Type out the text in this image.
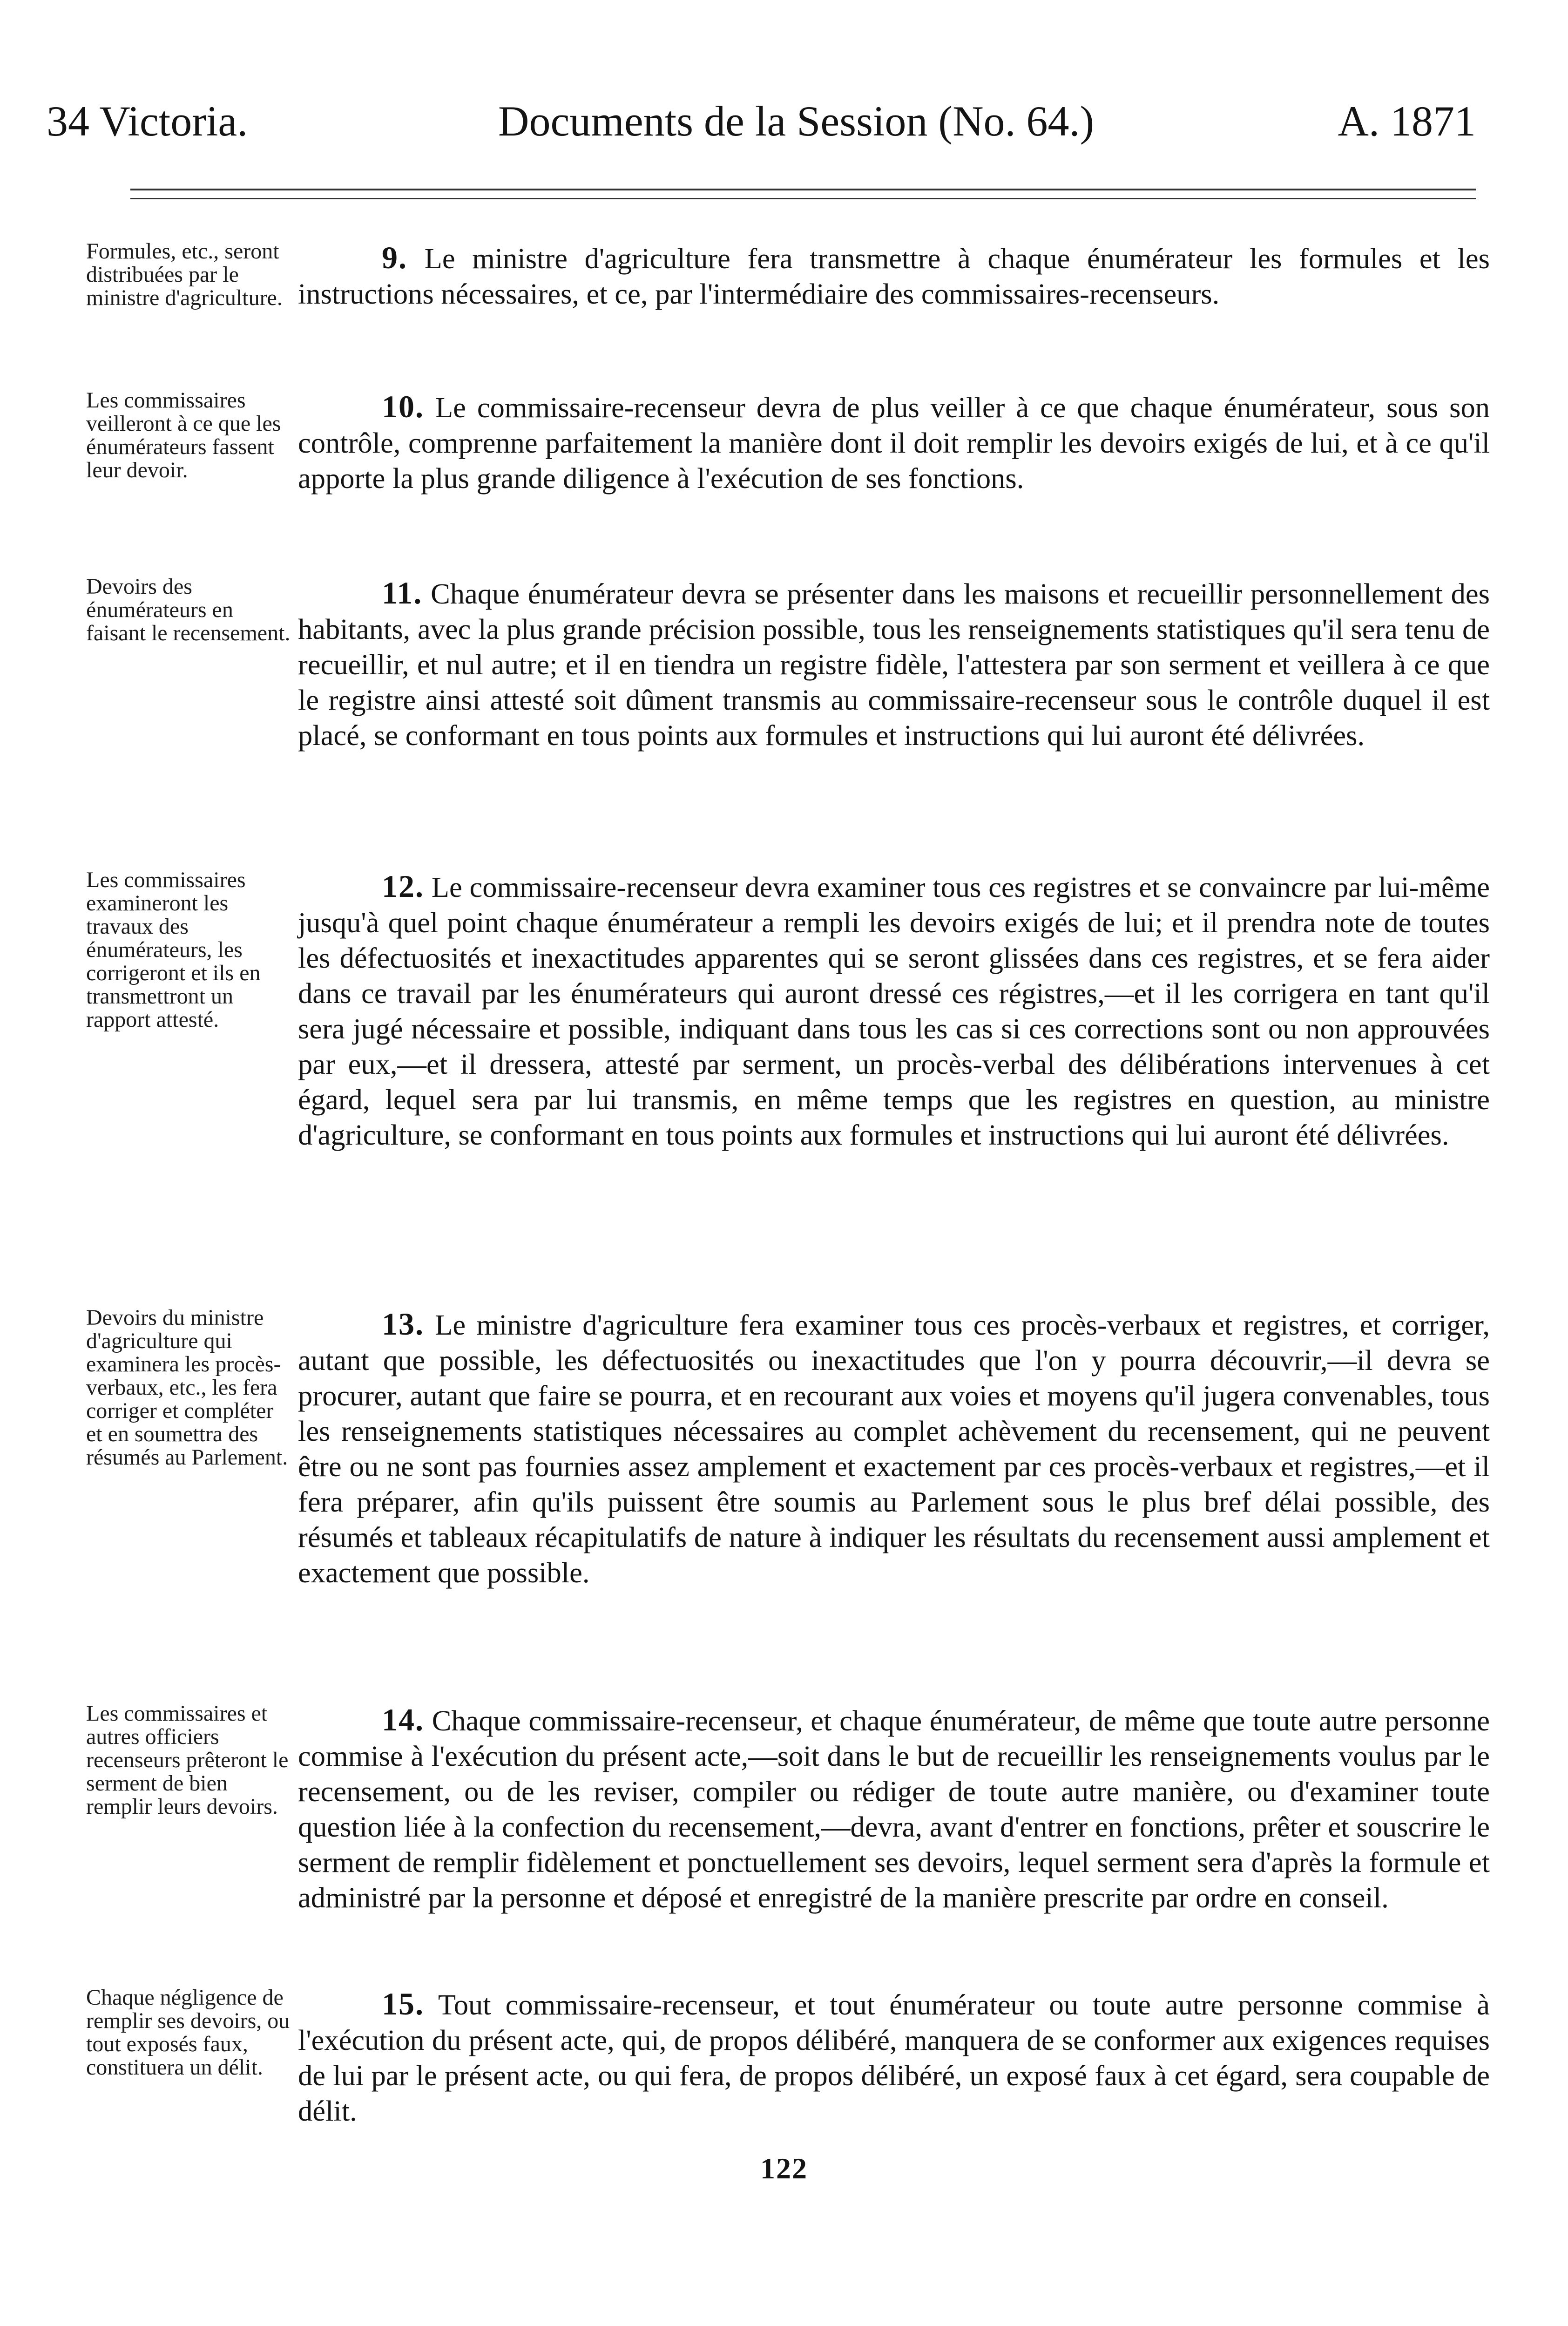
34 Victoria.	Documents de la Session (No. 64.)	A. 1871
Formules, etc., seront distribuées par le ministre d'agriculture.
9. Le ministre d'agriculture fera transmettre à chaque énumérateur les formules et les instructions nécessaires, et ce, par l'intermédiaire des commissaires-recenseurs.
Les commissaires veilleront à ce que les énumérateurs fassent leur devoir.
10. Le commissaire-recenseur devra de plus veiller à ce que chaque énumérateur, sous son contrôle, comprenne parfaitement la manière dont il doit remplir les devoirs exigés de lui, et à ce qu'il apporte la plus grande diligence à l'exécution de ses fonctions.
Devoirs des énumérateurs en faisant le recensement.
11. Chaque énumérateur devra se présenter dans les maisons et recueillir personnellement des habitants, avec la plus grande précision possible, tous les renseignements statistiques qu'il sera tenu de recueillir, et nul autre; et il en tiendra un registre fidèle, l'attestera par son serment et veillera à ce que le registre ainsi attesté soit dûment transmis au commissaire-recenseur sous le contrôle duquel il est placé, se conformant en tous points aux formules et instructions qui lui auront été délivrées.
Les commissaires examineront les travaux des énumérateurs, les corrigeront et ils en transmettront un rapport attesté.
12. Le commissaire-recenseur devra examiner tous ces registres et se convaincre par lui-même jusqu'à quel point chaque énumérateur a rempli les devoirs exigés de lui; et il prendra note de toutes les défectuosités et inexactitudes apparentes qui se seront glissées dans ces registres, et se fera aider dans ce travail par les énumérateurs qui auront dressé ces régistres,—et il les corrigera en tant qu'il sera jugé nécessaire et possible, indiquant dans tous les cas si ces corrections sont ou non approuvées par eux,—et il dressera, attesté par serment, un procès-verbal des délibérations intervenues à cet égard, lequel sera par lui transmis, en même temps que les registres en question, au ministre d'agriculture, se conformant en tous points aux formules et instructions qui lui auront été délivrées.
Devoirs du ministre d'agriculture qui examinera les procès-verbaux, etc., les fera corriger et compléter et en soumettra des résumés au Parlement.
13. Le ministre d'agriculture fera examiner tous ces procès-verbaux et registres, et corriger, autant que possible, les défectuosités ou inexactitudes que l'on y pourra découvrir,—il devra se procurer, autant que faire se pourra, et en recourant aux voies et moyens qu'il jugera convenables, tous les renseignements statistiques nécessaires au complet achèvement du recensement, qui ne peuvent être ou ne sont pas fournies assez amplement et exactement par ces procès-verbaux et registres,—et il fera préparer, afin qu'ils puissent être soumis au Parlement sous le plus bref délai possible, des résumés et tableaux récapitulatifs de nature à indiquer les résultats du recensement aussi amplement et exactement que possible.
Les commissaires et autres officiers recenseurs prêteront le serment de bien remplir leurs devoirs.
14. Chaque commissaire-recenseur, et chaque énumérateur, de même que toute autre personne commise à l'exécution du présent acte,—soit dans le but de recueillir les renseignements voulus par le recensement, ou de les reviser, compiler ou rédiger de toute autre manière, ou d'examiner toute question liée à la confection du recensement,—devra, avant d'entrer en fonctions, prêter et souscrire le serment de remplir fidèlement et ponctuellement ses devoirs, lequel serment sera d'après la formule et administré par la personne et déposé et enregistré de la manière prescrite par ordre en conseil.
Chaque négligence de remplir ses devoirs, ou tout exposés faux, constituera un délit.
15. Tout commissaire-recenseur, et tout énumérateur ou toute autre personne commise à l'exécution du présent acte, qui, de propos délibéré, manquera de se conformer aux exigences requises de lui par le présent acte, ou qui fera, de propos délibéré, un exposé faux à cet égard, sera coupable de délit.
122
